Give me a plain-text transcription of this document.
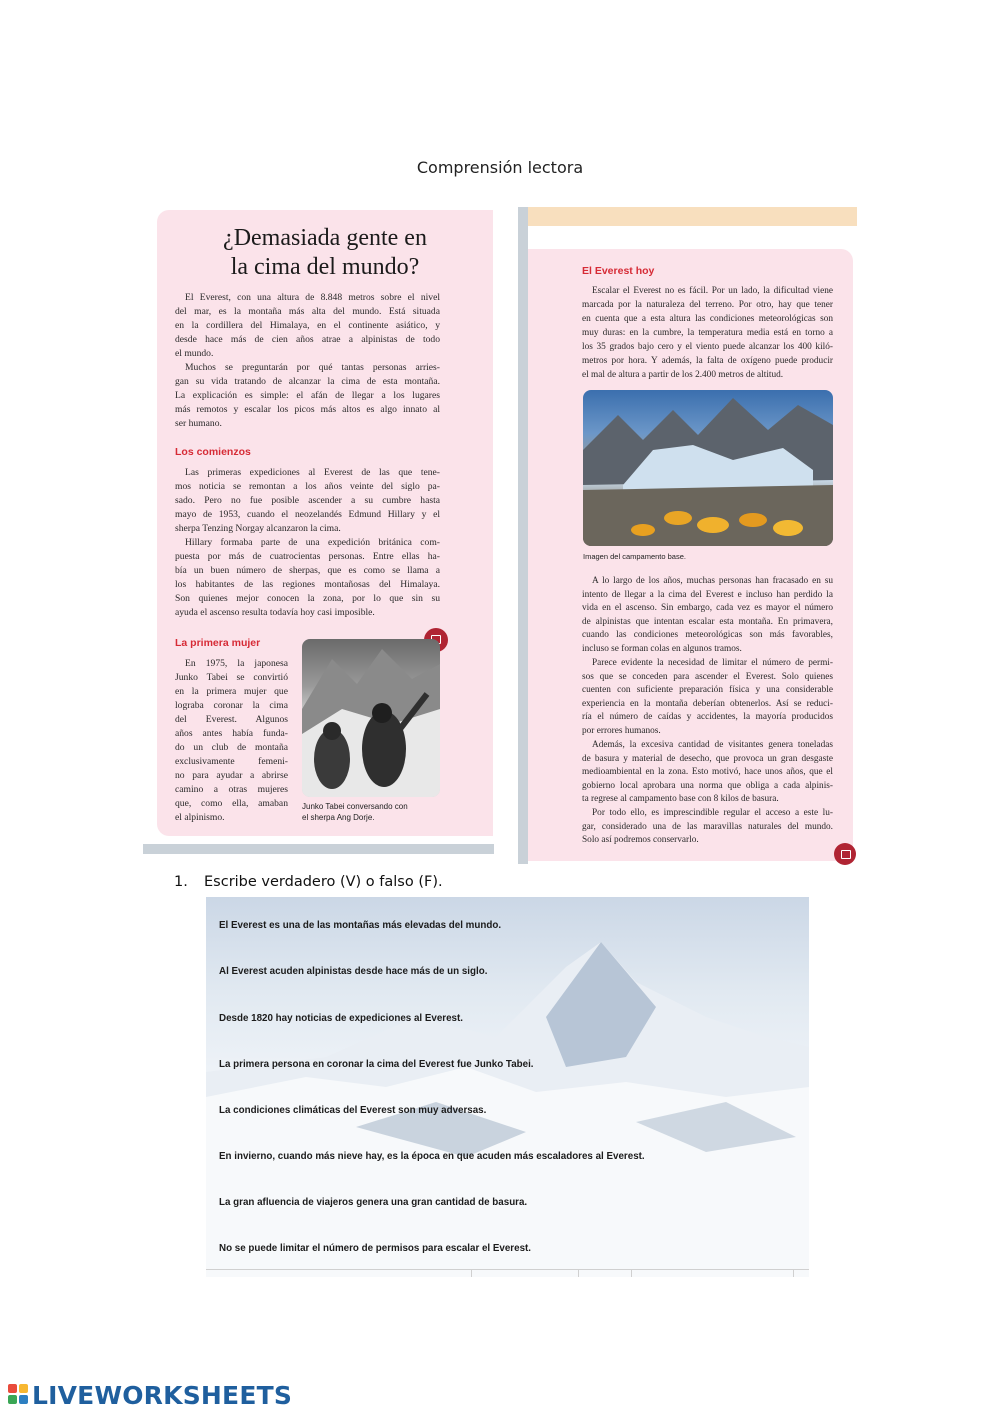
Comprensión lectora
¿Demasiada gente en
la cima del mundo?
El Everest, con una altura de 8.848 metros sobre el nivel
del mar, es la montaña más alta del mundo. Está situada
en la cordillera del Himalaya, en el continente asiático, y
desde hace más de cien años atrae a alpinistas de todo
el mundo.
Muchos se preguntarán por qué tantas personas arries-
gan su vida tratando de alcanzar la cima de esta montaña.
La explicación es simple: el afán de llegar a los lugares
más remotos y escalar los picos más altos es algo innato al
ser humano.
Los comienzos
Las primeras expediciones al Everest de las que tene-
mos noticia se remontan a los años veinte del siglo pa-
sado. Pero no fue posible ascender a su cumbre hasta
mayo de 1953, cuando el neozelandés Edmund Hillary y el
sherpa Tenzing Norgay alcanzaron la cima.
Hillary formaba parte de una expedición británica com-
puesta por más de cuatrocientas personas. Entre ellas ha-
bía un buen número de sherpas, que es como se llama a
los habitantes de las regiones montañosas del Himalaya.
Son quienes mejor conocen la zona, por lo que sin su
ayuda el ascenso resulta todavía hoy casi imposible.
La primera mujer
En 1975, la japonesa
Junko Tabei se convirtió
en la primera mujer que
lograba coronar la cima
del Everest. Algunos
años antes había funda-
do un club de montaña
exclusivamente femeni-
no para ayudar a abrirse
camino a otras mujeres
que, como ella, amaban
el alpinismo.
Junko Tabei conversando con
el sherpa Ang Dorje.
El Everest hoy
Escalar el Everest no es fácil. Por un lado, la dificultad viene
marcada por la naturaleza del terreno. Por otro, hay que tener
en cuenta que a esta altura las condiciones meteorológicas son
muy duras: en la cumbre, la temperatura media está en torno a
los 35 grados bajo cero y el viento puede alcanzar los 400 kiló-
metros por hora. Y además, la falta de oxígeno puede producir
el mal de altura a partir de los 2.400 metros de altitud.
Imagen del campamento base.
A lo largo de los años, muchas personas han fracasado en su
intento de llegar a la cima del Everest e incluso han perdido la
vida en el ascenso. Sin embargo, cada vez es mayor el número
de alpinistas que intentan escalar esta montaña. En primavera,
cuando las condiciones meteorológicas son más favorables,
incluso se forman colas en algunos tramos.
Parece evidente la necesidad de limitar el número de permi-
sos que se conceden para ascender el Everest. Solo quienes
cuenten con suficiente preparación física y una considerable
experiencia en la montaña deberían obtenerlos. Así se reduci-
ría el número de caídas y accidentes, la mayoría producidos
por errores humanos.
Además, la excesiva cantidad de visitantes genera toneladas
de basura y material de desecho, que provoca un gran desgaste
medioambiental en la zona. Esto motivó, hace unos años, que el
gobierno local aprobara una norma que obliga a cada alpinis-
ta regrese al campamento base con 8 kilos de basura.
Por todo ello, es imprescindible regular el acceso a este lu-
gar, considerado una de las maravillas naturales del mundo.
Solo así podremos conservarlo.
1. Escribe verdadero (V) o falso (F).
El Everest es una de las montañas más elevadas del mundo.
Al Everest acuden alpinistas desde hace más de un siglo.
Desde 1820 hay noticias de expediciones al Everest.
La primera persona en coronar la cima del Everest fue Junko Tabei.
La condiciones climáticas del Everest son muy adversas.
En invierno, cuando más nieve hay, es la época en que acuden más escaladores al Everest.
La gran afluencia de viajeros genera una gran cantidad de basura.
No se puede limitar el número de permisos para escalar el Everest.
LIVEWORKSHEETS
